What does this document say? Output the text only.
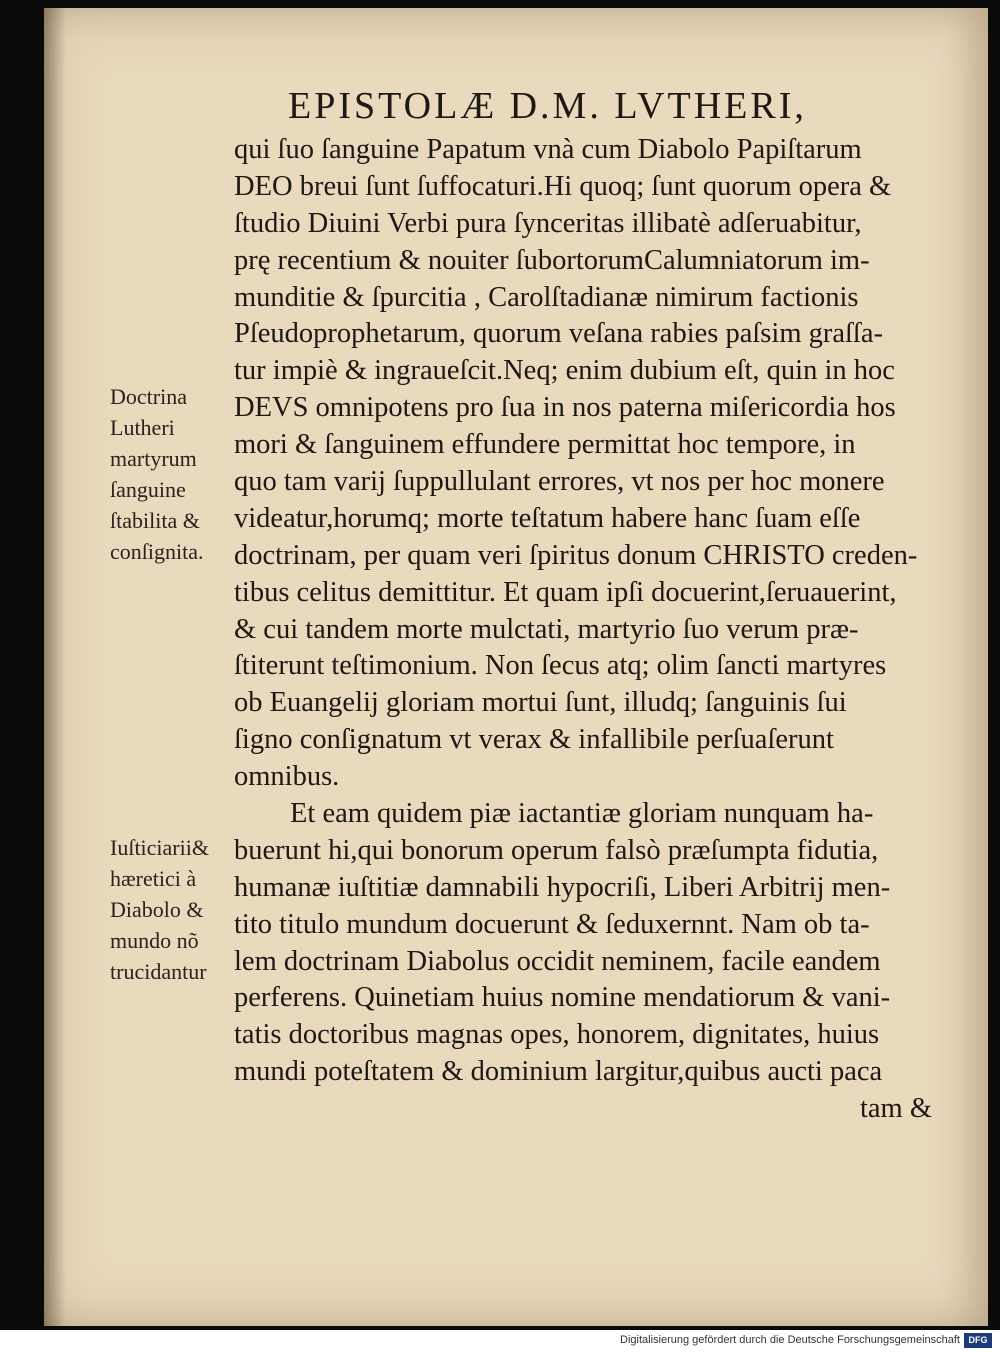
EPISTOLÆ D.M. LVTHERI,
qui ſuo ſanguine Papatum vnà cum Diabolo Papiſtarum
DEO breui ſunt ſuffocaturi.Hi quoq; ſunt quorum opera &
ſtudio Diuini Verbi pura ſynceritas illibatè adſeruabitur,
prę recentium & nouiter ſubortorumCalumniatorum im-
munditie & ſpurcitia , Carolſtadianæ nimirum factionis
Pſeudoprophetarum, quorum veſana rabies paſsim graſſa-
tur impiè & ingraueſcit.Neq; enim dubium eſt, quin in hoc
DEVS omnipotens pro ſua in nos paterna miſericordia hos
mori & ſanguinem effundere permittat hoc tempore, in
quo tam varij ſuppullulant errores, vt nos per hoc monere
videatur,horumq; morte teſtatum habere hanc ſuam eſſe
doctrinam, per quam veri ſpiritus donum CHRISTO creden-
tibus celitus demittitur. Et quam ipſi docuerint,ſeruauerint,
& cui tandem morte mulctati, martyrio ſuo verum præ-
ſtiterunt teſtimonium. Non ſecus atq; olim ſancti martyres
ob Euangelij gloriam mortui ſunt, illudq; ſanguinis ſui
ſigno conſignatum vt verax & infallibile perſuaſerunt
omnibus.
Et eam quidem piæ iactantiæ gloriam nunquam ha-
buerunt hi,qui bonorum operum falsò præſumpta fidutia,
humanæ iuſtitiæ damnabili hypocriſi, Liberi Arbitrij men-
tito titulo mundum docuerunt & ſeduxernnt. Nam ob ta-
lem doctrinam Diabolus occidit neminem, facile eandem
perferens. Quinetiam huius nomine mendatiorum & vani-
tatis doctoribus magnas opes, honorem, dignitates, huius
mundi poteſtatem & dominium largitur,quibus aucti paca
tam &
Doctrina
Lutheri
martyrum
ſanguine
ſtabilita &
conſignita.
Iuſticiarii&
hæretici à
Diabolo &
mundo nõ
trucidantur
Digitalisierung gefördert durch die Deutsche Forschungsgemeinschaft DFG
